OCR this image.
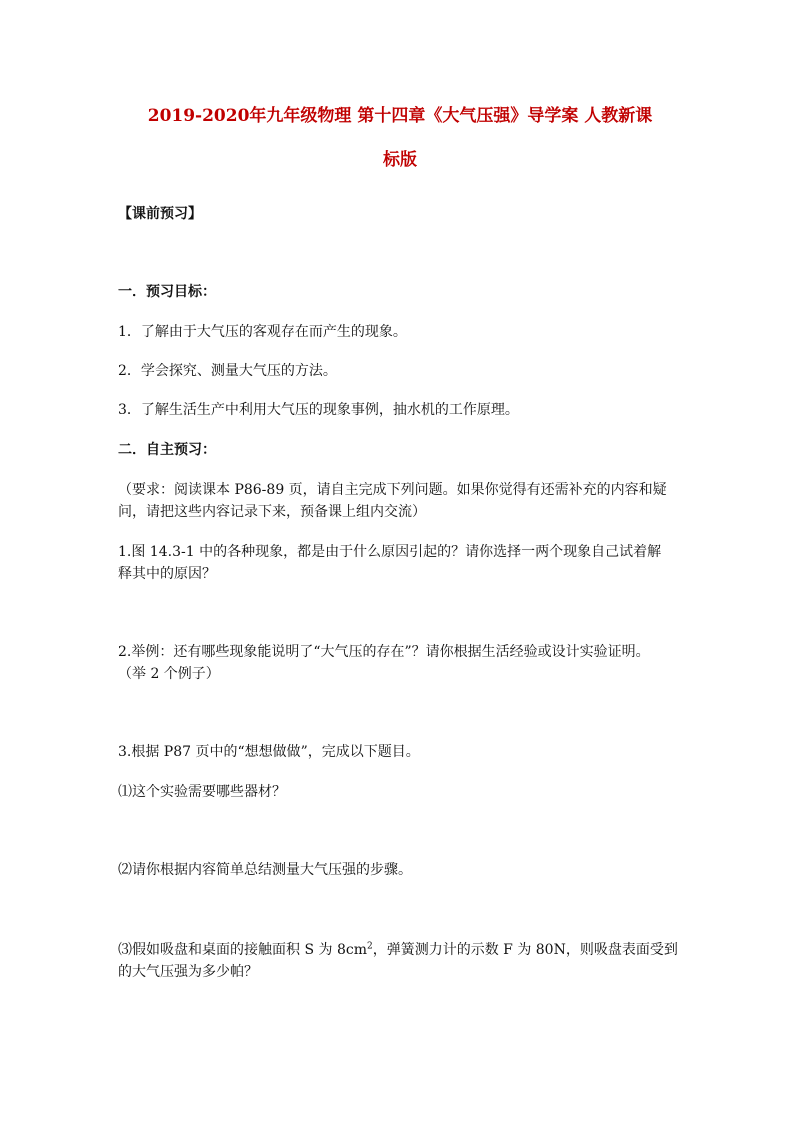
2019-2020年九年级物理 第十四章《大气压强》导学案 人教新课
标版
【课前预习】
一．预习目标：
1．了解由于大气压的客观存在而产生的现象。
2．学会探究、测量大气压的方法。
3．了解生活生产中利用大气压的现象事例，抽水机的工作原理。
二．自主预习：
（要求：阅读课本 P86-89 页，请自主完成下列问题。如果你觉得有还需补充的内容和疑
问，请把这些内容记录下来，预备课上组内交流）
1.图 14.3-1 中的各种现象，都是由于什么原因引起的？请你选择一两个现象自己试着解
释其中的原因？
2.举例：还有哪些现象能说明了“大气压的存在”？请你根据生活经验或设计实验证明。
（举 2 个例子）
3.根据 P87 页中的“想想做做”，完成以下题目。
⑴这个实验需要哪些器材？
⑵请你根据内容简单总结测量大气压强的步骤。
⑶假如吸盘和桌面的接触面积 S 为 $8cm^2$，弹簧测力计的示数 F 为 80N，则吸盘表面受到
的大气压强为多少帕？
